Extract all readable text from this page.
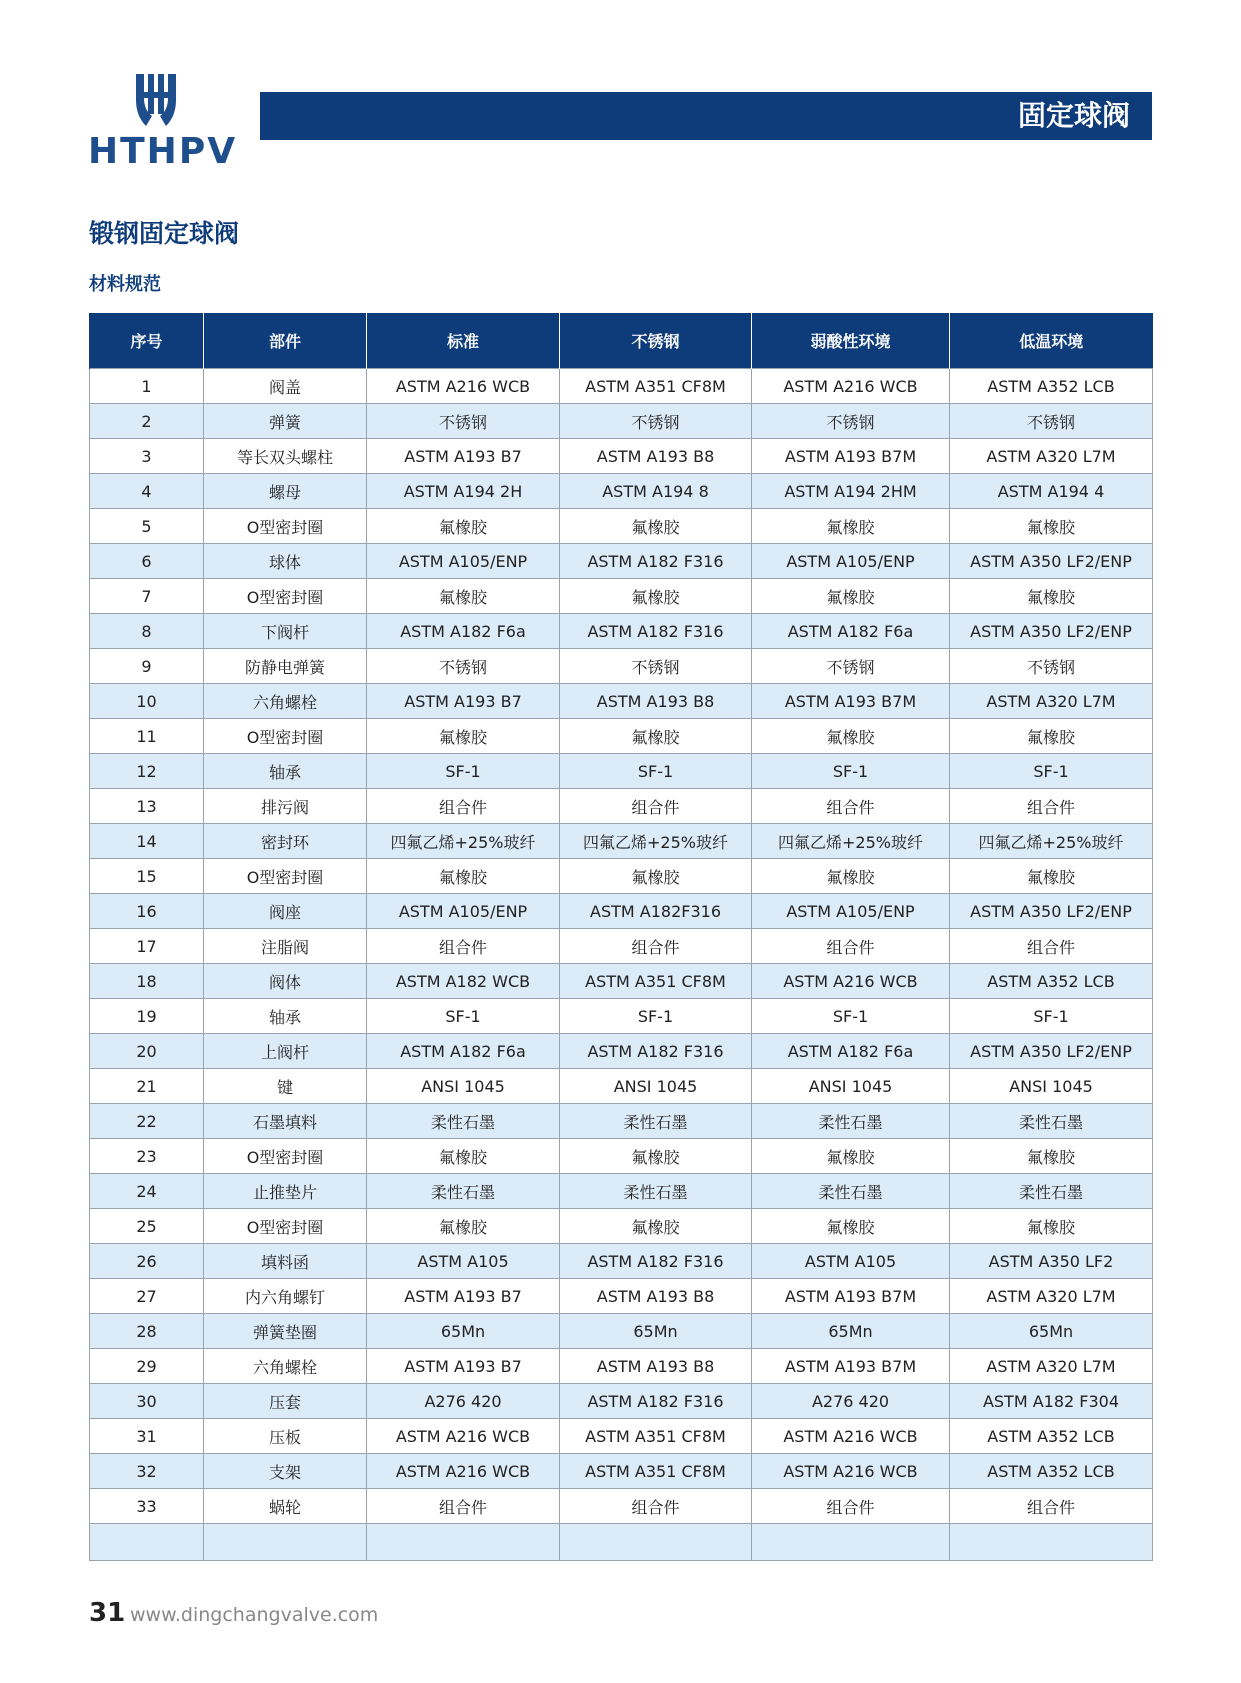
HTHPV
固定球阀
锻钢固定球阀
材料规范
序号	部件	标准	不锈钢	弱酸性环境	低温环境
1	阀盖	ASTM A216 WCB	ASTM A351 CF8M	ASTM A216 WCB	ASTM A352 LCB
2	弹簧	不锈钢	不锈钢	不锈钢	不锈钢
3	等长双头螺柱	ASTM A193 B7	ASTM A193 B8	ASTM A193 B7M	ASTM A320 L7M
4	螺母	ASTM A194 2H	ASTM A194 8	ASTM A194 2HM	ASTM A194 4
5	O型密封圈	氟橡胶	氟橡胶	氟橡胶	氟橡胶
6	球体	ASTM A105/ENP	ASTM A182 F316	ASTM A105/ENP	ASTM A350 LF2/ENP
7	O型密封圈	氟橡胶	氟橡胶	氟橡胶	氟橡胶
8	下阀杆	ASTM A182 F6a	ASTM A182 F316	ASTM A182 F6a	ASTM A350 LF2/ENP
9	防静电弹簧	不锈钢	不锈钢	不锈钢	不锈钢
10	六角螺栓	ASTM A193 B7	ASTM A193 B8	ASTM A193 B7M	ASTM A320 L7M
11	O型密封圈	氟橡胶	氟橡胶	氟橡胶	氟橡胶
12	轴承	SF-1	SF-1	SF-1	SF-1
13	排污阀	组合件	组合件	组合件	组合件
14	密封环	四氟乙烯+25%玻纤	四氟乙烯+25%玻纤	四氟乙烯+25%玻纤	四氟乙烯+25%玻纤
15	O型密封圈	氟橡胶	氟橡胶	氟橡胶	氟橡胶
16	阀座	ASTM A105/ENP	ASTM A182F316	ASTM A105/ENP	ASTM A350 LF2/ENP
17	注脂阀	组合件	组合件	组合件	组合件
18	阀体	ASTM A182 WCB	ASTM A351 CF8M	ASTM A216 WCB	ASTM A352 LCB
19	轴承	SF-1	SF-1	SF-1	SF-1
20	上阀杆	ASTM A182 F6a	ASTM A182 F316	ASTM A182 F6a	ASTM A350 LF2/ENP
21	键	ANSI 1045	ANSI 1045	ANSI 1045	ANSI 1045
22	石墨填料	柔性石墨	柔性石墨	柔性石墨	柔性石墨
23	O型密封圈	氟橡胶	氟橡胶	氟橡胶	氟橡胶
24	止推垫片	柔性石墨	柔性石墨	柔性石墨	柔性石墨
25	O型密封圈	氟橡胶	氟橡胶	氟橡胶	氟橡胶
26	填料函	ASTM A105	ASTM A182 F316	ASTM A105	ASTM A350 LF2
27	内六角螺钉	ASTM A193 B7	ASTM A193 B8	ASTM A193 B7M	ASTM A320 L7M
28	弹簧垫圈	65Mn	65Mn	65Mn	65Mn
29	六角螺栓	ASTM A193 B7	ASTM A193 B8	ASTM A193 B7M	ASTM A320 L7M
30	压套	A276 420	ASTM A182 F316	A276 420	ASTM A182 F304
31	压板	ASTM A216 WCB	ASTM A351 CF8M	ASTM A216 WCB	ASTM A352 LCB
32	支架	ASTM A216 WCB	ASTM A351 CF8M	ASTM A216 WCB	ASTM A352 LCB
33	蜗轮	组合件	组合件	组合件	组合件

31 www.dingchangvalve.com
